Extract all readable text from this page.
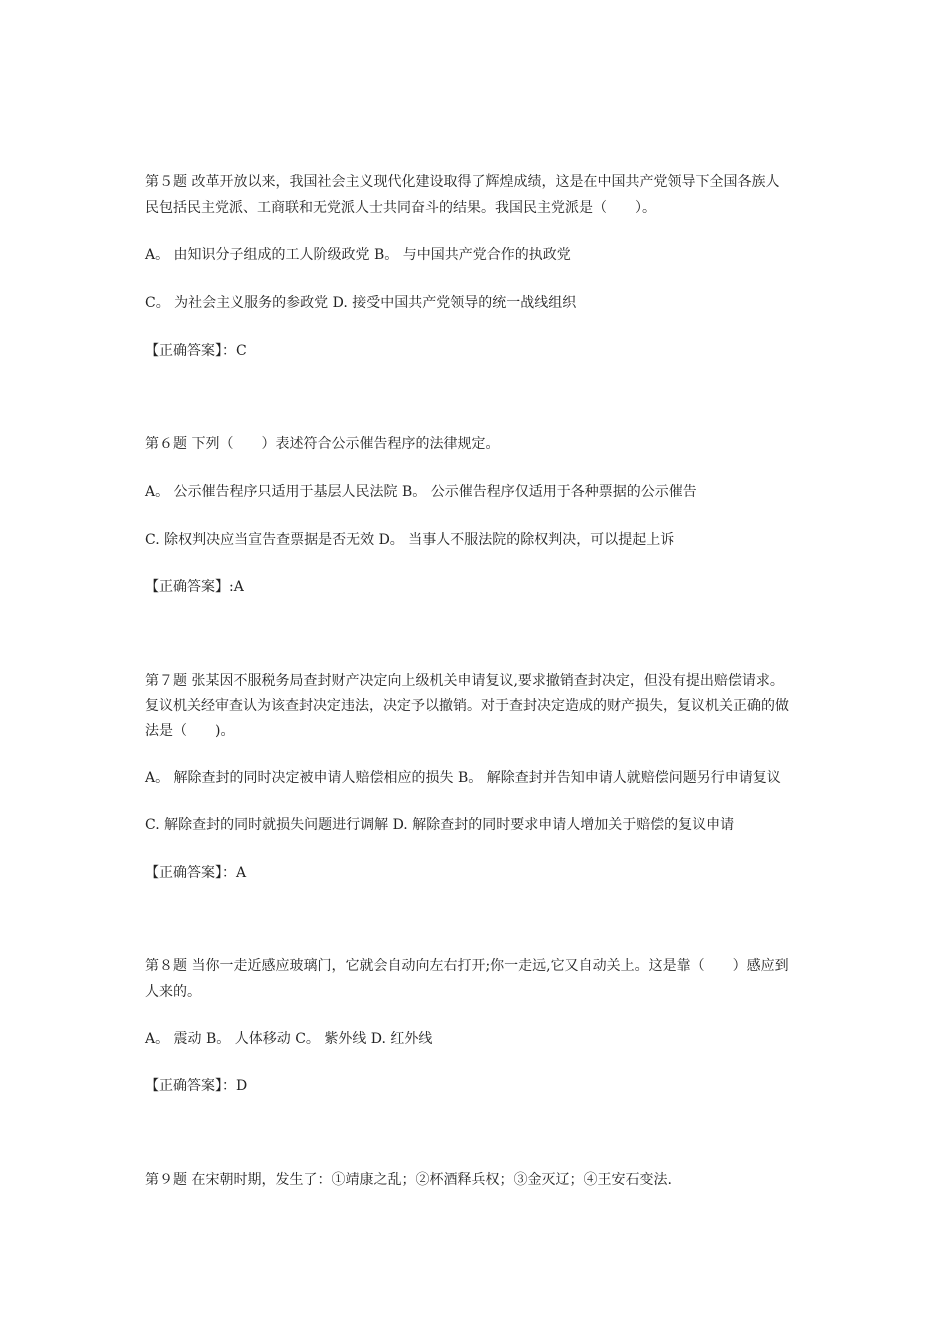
第５题 改革开放以来，我国社会主义现代化建设取得了辉煌成绩，这是在中国共产党领导下全国各族人
民包括民主党派、工商联和无党派人士共同奋斗的结果。我国民主党派是（　　）。
A。 由知识分子组成的工人阶级政党 B。 与中国共产党合作的执政党
C。 为社会主义服务的参政党 D. 接受中国共产党领导的统一战线组织
【正确答案】：C
第６题 下列（　　）表述符合公示催告程序的法律规定。
A。 公示催告程序只适用于基层人民法院 B。 公示催告程序仅适用于各种票据的公示催告
C. 除权判决应当宣告查票据是否无效 D。 当事人不服法院的除权判决，可以提起上诉
【正确答案】:A
第７题 张某因不服税务局查封财产决定向上级机关申请复议,要求撤销查封决定，但没有提出赔偿请求。
复议机关经审查认为该查封决定违法，决定予以撤销。对于查封决定造成的财产损失，复议机关正确的做
法是（　　)。
A。 解除查封的同时决定被申请人赔偿相应的损失 B。 解除查封并告知申请人就赔偿问题另行申请复议
C. 解除查封的同时就损失问题进行调解 D. 解除查封的同时要求申请人增加关于赔偿的复议申请
【正确答案】：A
第８题 当你一走近感应玻璃门，它就会自动向左右打开;你一走远,它又自动关上。这是靠（　　）感应到
人来的。
A。 震动 B。 人体移动 C。 紫外线 D. 红外线
【正确答案】：D
第９题 在宋朝时期，发生了：①靖康之乱；②杯酒释兵权；③金灭辽；④王安石变法.
